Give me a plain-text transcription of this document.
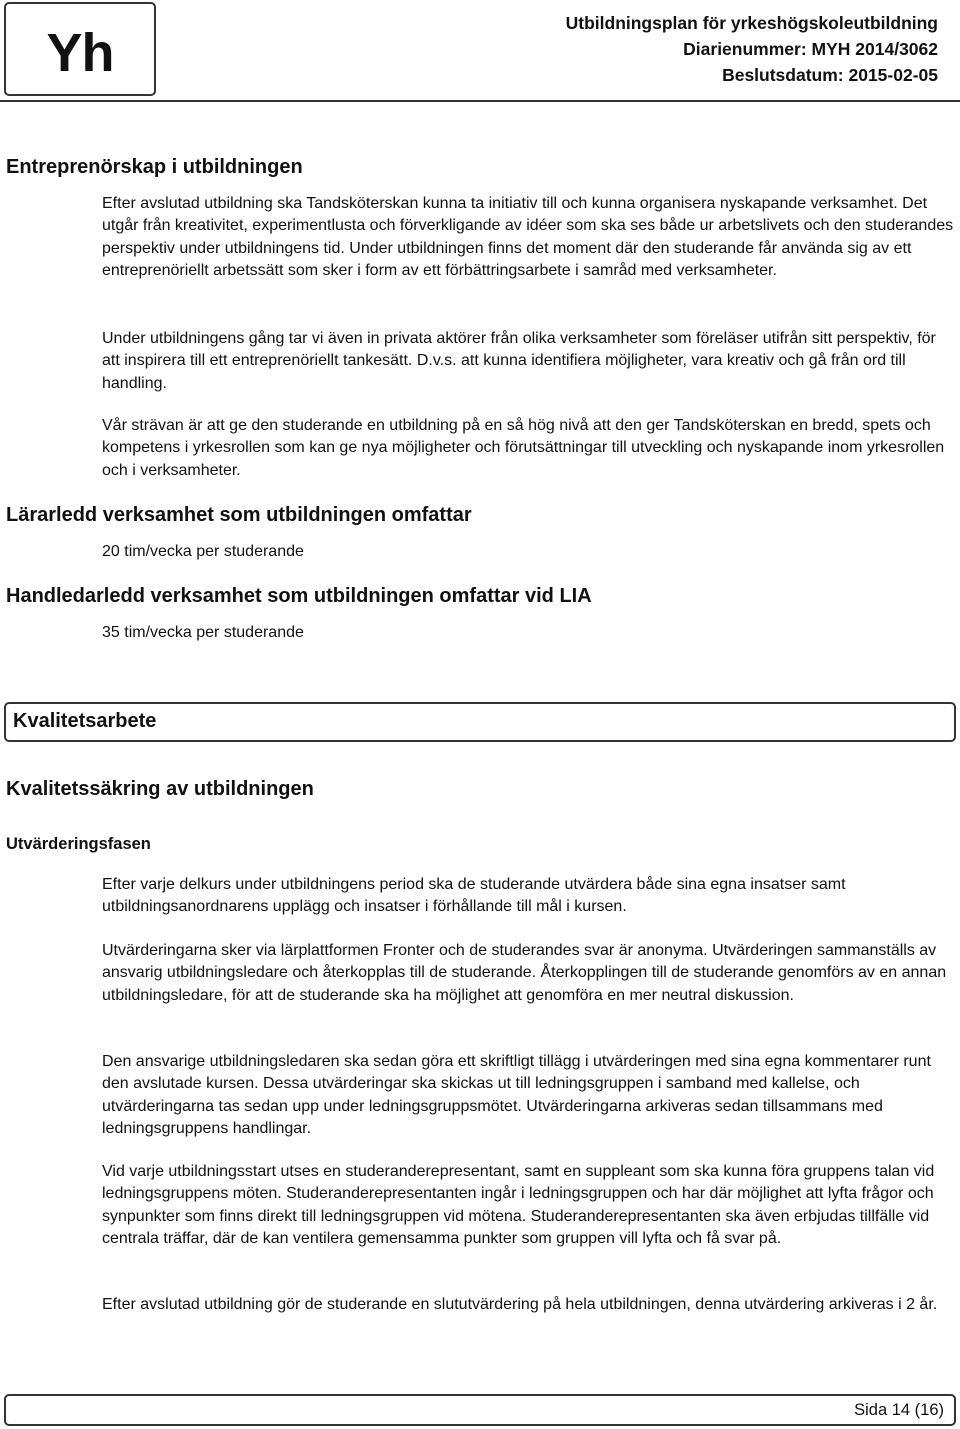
Yh	Utbildningsplan för yrkeshögskoleutbildning
Diarienummer: MYH 2014/3062
Beslutsdatum: 2015-02-05
Entreprenörskap i utbildningen
Efter avslutad utbildning ska Tandsköterskan kunna ta initiativ till och kunna organisera nyskapande verksamhet. Det utgår från kreativitet, experimentlusta och förverkligande av idéer som ska ses både ur arbetslivets och den studerandes perspektiv under utbildningens tid. Under utbildningen finns det moment där den studerande får använda sig av ett entreprenöriellt arbetssätt som sker i form av ett förbättringsarbete i samråd med verksamheter.
Under utbildningens gång tar vi även in privata aktörer från olika verksamheter som föreläser utifrån sitt perspektiv, för att inspirera till ett entreprenöriellt tankesätt. D.v.s. att kunna identifiera möjligheter, vara kreativ och gå från ord till handling.
Vår strävan är att ge den studerande en utbildning på en så hög nivå att den ger Tandsköterskan en bredd, spets och kompetens i yrkesrollen som kan ge nya möjligheter och förutsättningar till utveckling och nyskapande inom yrkesrollen och i verksamheter.
Lärarledd verksamhet som utbildningen omfattar
20 tim/vecka per studerande
Handledarledd verksamhet som utbildningen omfattar vid LIA
35 tim/vecka per studerande
Kvalitetsarbete
Kvalitetssäkring av utbildningen
Utvärderingsfasen
Efter varje delkurs under utbildningens period ska de studerande utvärdera både sina egna insatser samt utbildningsanordnarens upplägg och insatser i förhållande till mål i kursen.
Utvärderingarna sker via lärplattformen Fronter och de studerandes svar är anonyma. Utvärderingen sammanställs av ansvarig utbildningsledare och återkopplas till de studerande. Återkopplingen till de studerande genomförs av en annan utbildningsledare, för att de studerande ska ha möjlighet att genomföra en mer neutral diskussion.
Den ansvarige utbildningsledaren ska sedan göra ett skriftligt tillägg i utvärderingen med sina egna kommentarer runt den avslutade kursen. Dessa utvärderingar ska skickas ut till ledningsgruppen i samband med kallelse, och utvärderingarna tas sedan upp under ledningsgruppsmötet. Utvärderingarna arkiveras sedan tillsammans med ledningsgruppens handlingar.
Vid varje utbildningsstart utses en studeranderepresentant, samt en suppleant som ska kunna föra gruppens talan vid ledningsgruppens möten. Studeranderepresentanten ingår i ledningsgruppen och har där möjlighet att lyfta frågor och synpunkter som finns direkt till ledningsgruppen vid mötena. Studeranderepresentanten ska även erbjudas tillfälle vid centrala träffar, där de kan ventilera gemensamma punkter som gruppen vill lyfta och få svar på.
Efter avslutad utbildning gör de studerande en slututvärdering på hela utbildningen, denna utvärdering arkiveras i 2 år.
Sida 14 (16)
